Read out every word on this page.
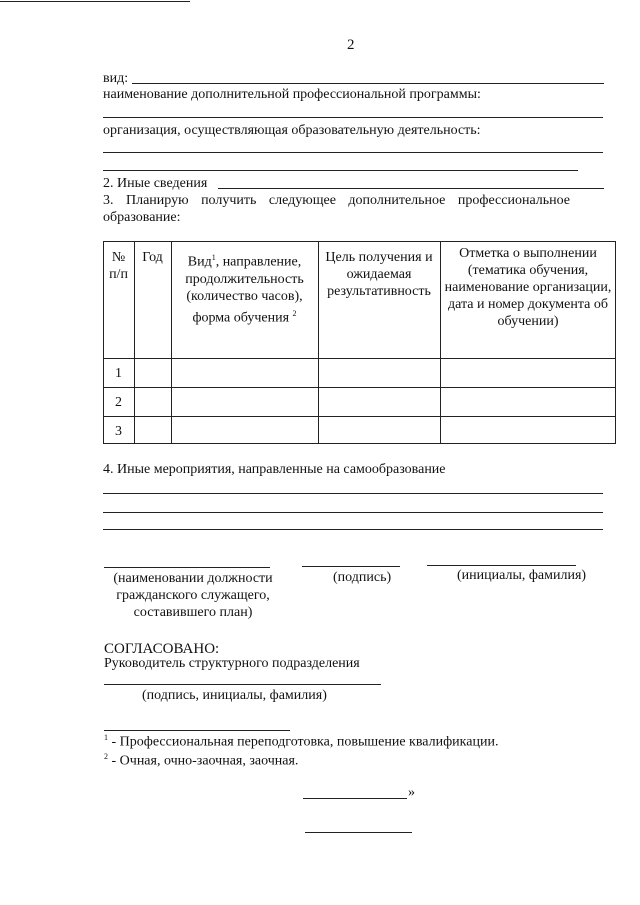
2
вид:
наименование дополнительной профессиональной программы:
организация, осуществляющая образовательную деятельность:
2. Иные сведения
3. Планирую получить следующее дополнительное профессиональное
образование:
№ п/п
Год	Вид$^1$, направление, продолжительность (количество часов), форма обучения $^2$
Цель получения и ожидаемая результативность
Отметка о выполнении (тематика обучения, наименование организации, дата и номер документа об обучении)
1
2
3
4. Иные мероприятия, направленные на самообразование
(наименовании должности гражданского служащего, составившего план)
(подпись)	(инициалы, фамилия)
СОГЛАСОВАНО:
Руководитель структурного подразделения
(подпись, инициалы, фамилия)
$^1$ - Профессиональная переподготовка, повышение квалификации.
$^2$ - Очная, очно-заочная, заочная.
»
